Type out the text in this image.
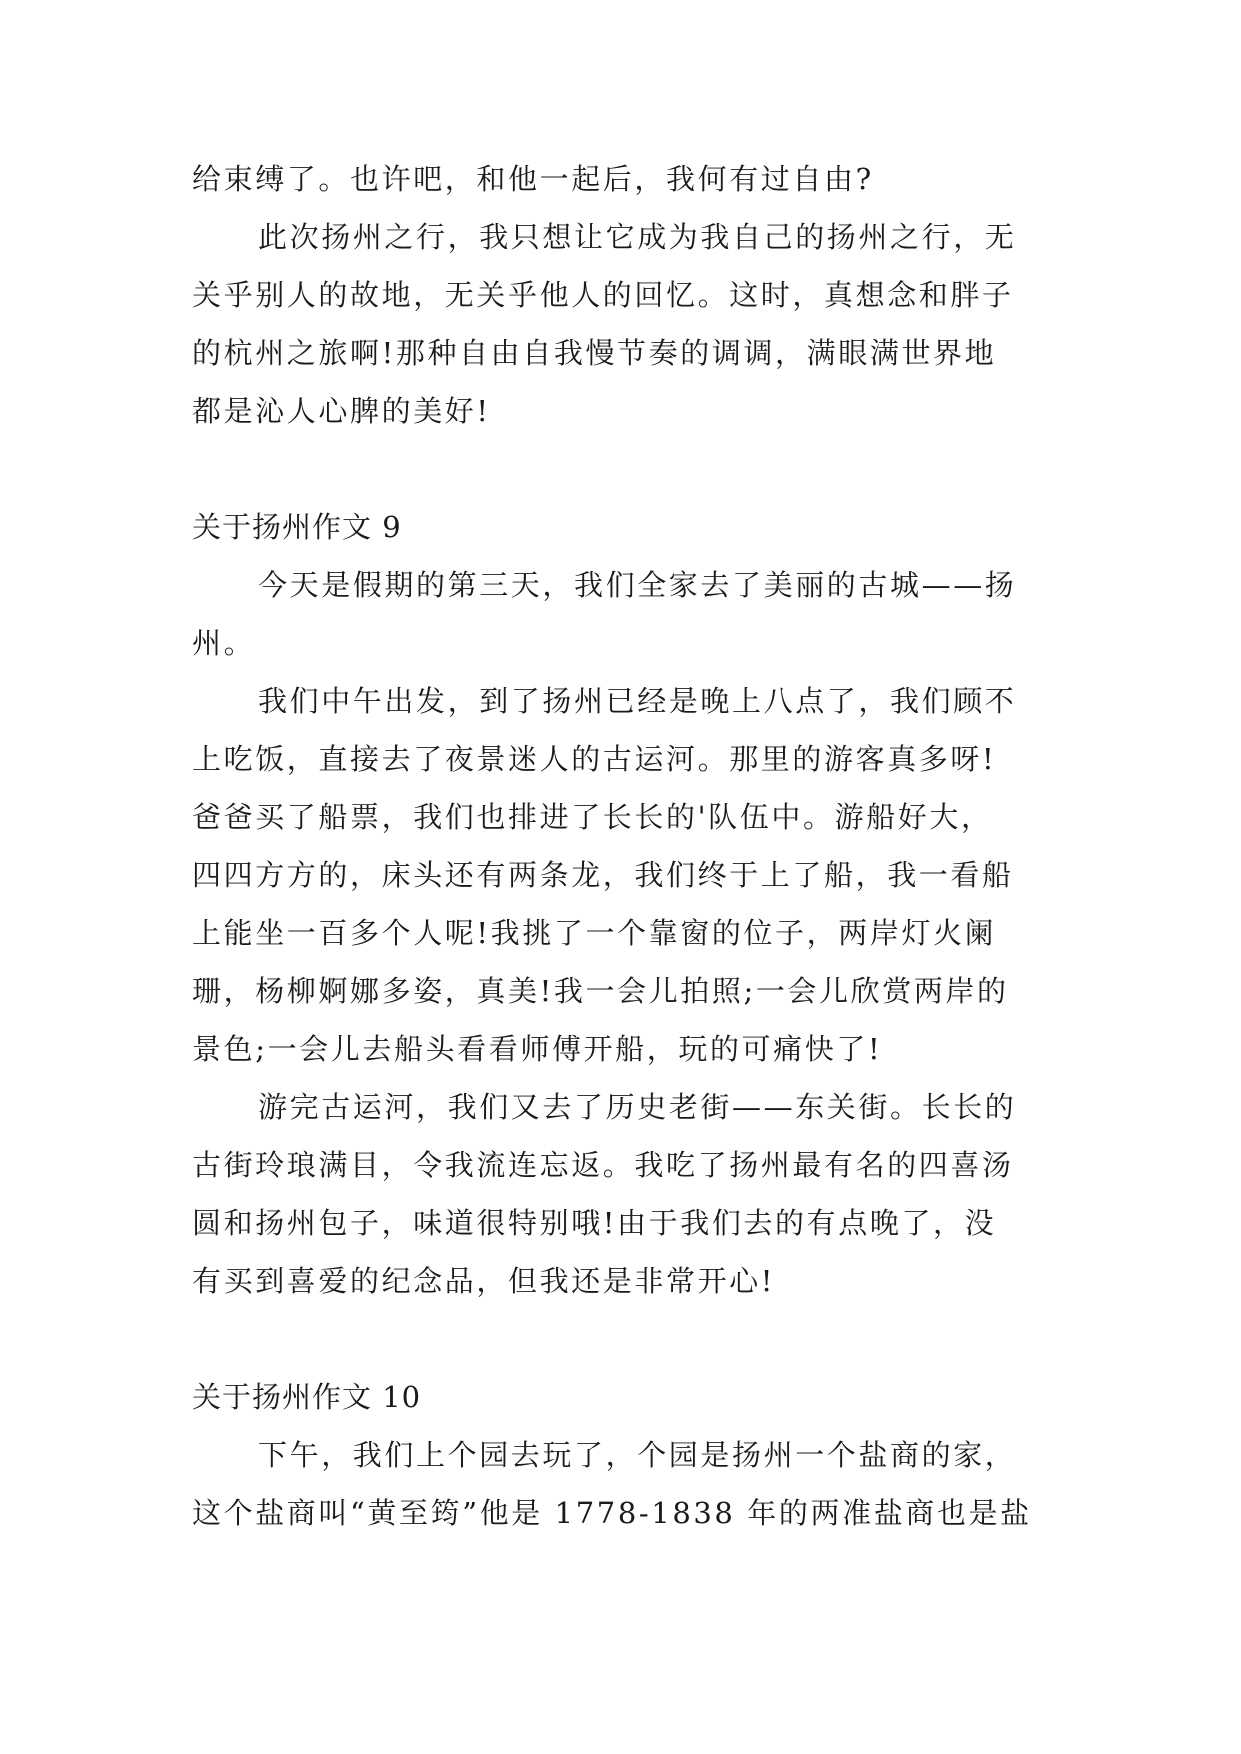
给束缚了。也许吧，和他一起后，我何有过自由?
此次扬州之行，我只想让它成为我自己的扬州之行，无
关乎别人的故地，无关乎他人的回忆。这时，真想念和胖子
的杭州之旅啊!那种自由自我慢节奏的调调，满眼满世界地
都是沁人心脾的美好!
关于扬州作文 9
今天是假期的第三天，我们全家去了美丽的古城——扬
州。
我们中午出发，到了扬州已经是晚上八点了，我们顾不
上吃饭，直接去了夜景迷人的古运河。那里的游客真多呀!
爸爸买了船票，我们也排进了长长的'队伍中。游船好大，
四四方方的，床头还有两条龙，我们终于上了船，我一看船
上能坐一百多个人呢!我挑了一个靠窗的位子，两岸灯火阑
珊，杨柳婀娜多姿，真美!我一会儿拍照;一会儿欣赏两岸的
景色;一会儿去船头看看师傅开船，玩的可痛快了!
游完古运河，我们又去了历史老街——东关街。长长的
古街玲琅满目，令我流连忘返。我吃了扬州最有名的四喜汤
圆和扬州包子，味道很特别哦!由于我们去的有点晚了，没
有买到喜爱的纪念品，但我还是非常开心!
关于扬州作文 10
下午，我们上个园去玩了，个园是扬州一个盐商的家，
这个盐商叫“黄至筠”他是 1778-1838 年的两准盐商也是盐
